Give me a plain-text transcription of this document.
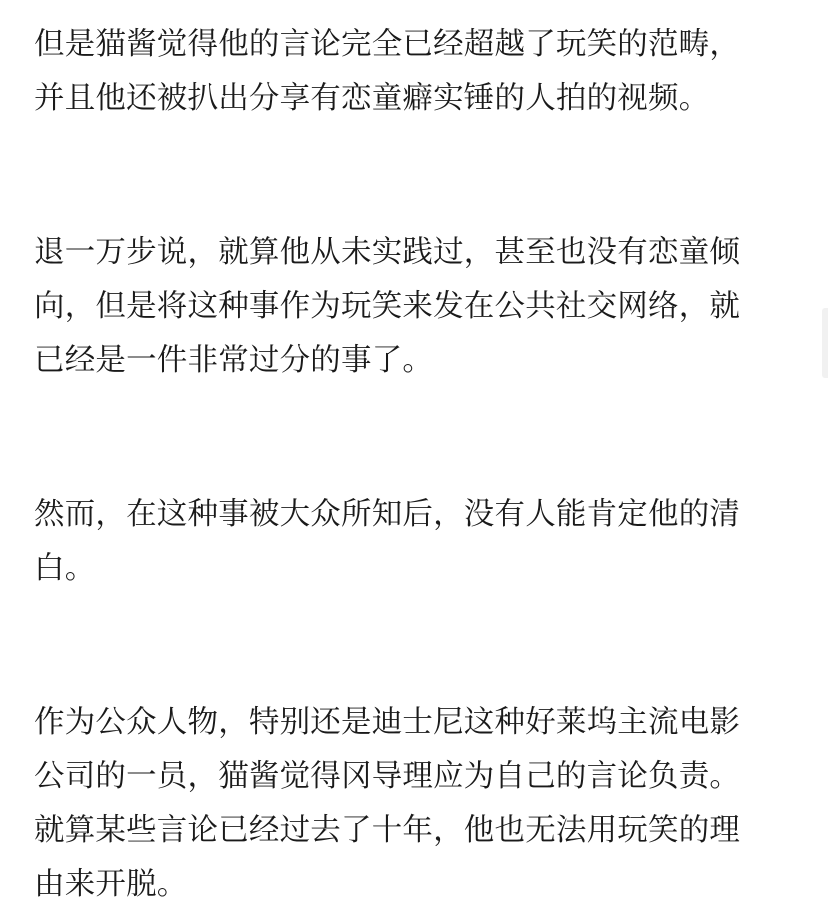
但是猫酱觉得他的言论完全已经超越了玩笑的范畴，
并且他还被扒出分享有恋童癖实锤的人拍的视频。

退一万步说，就算他从未实践过，甚至也没有恋童倾
向，但是将这种事作为玩笑来发在公共社交网络，就
已经是一件非常过分的事了。

然而，在这种事被大众所知后，没有人能肯定他的清
白。

作为公众人物，特别还是迪士尼这种好莱坞主流电影
公司的一员，猫酱觉得冈导理应为自己的言论负责。
就算某些言论已经过去了十年，他也无法用玩笑的理
由来开脱。
